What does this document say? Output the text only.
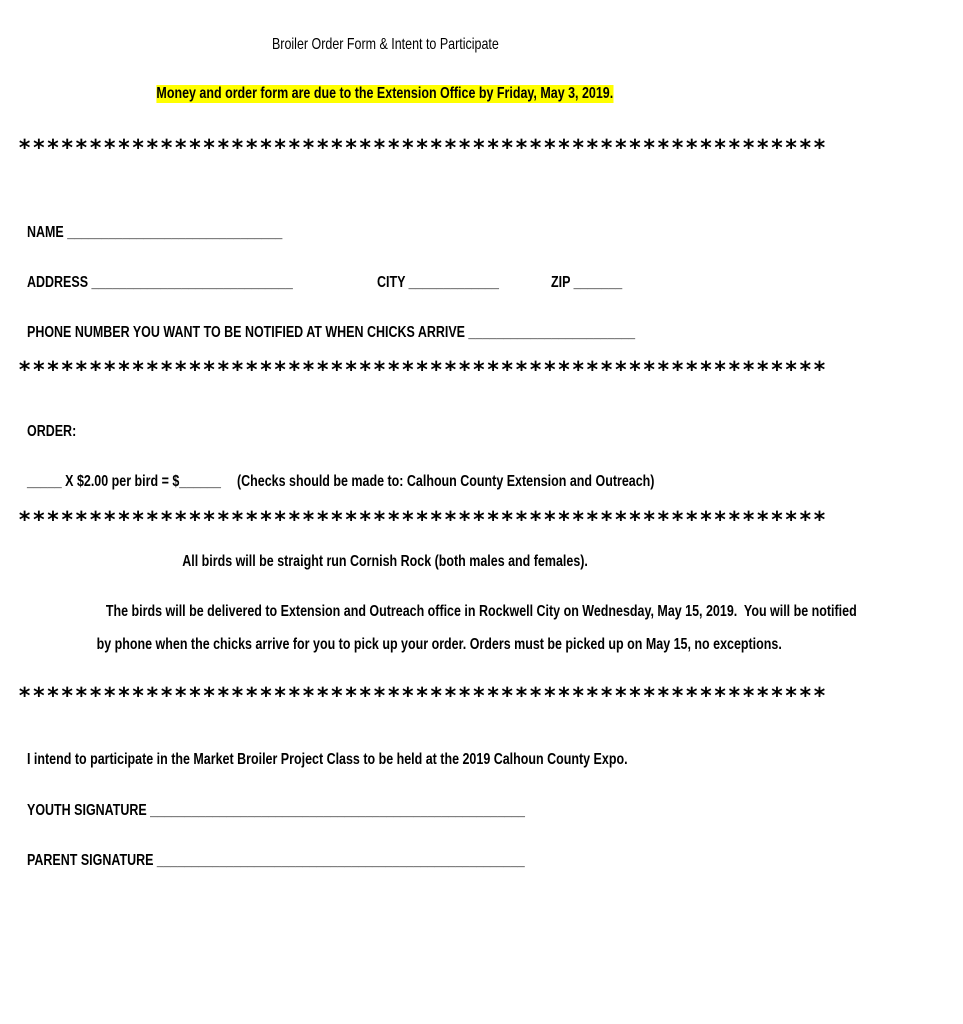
Broiler Order Form & Intent to Participate
Money and order form are due to the Extension Office by Friday, May 3, 2019.
*********************************************************

NAME _______________________________

ADDRESS _____________________________	CITY _____________	ZIP _______

PHONE NUMBER YOU WANT TO BE NOTIFIED AT WHEN CHICKS ARRIVE ________________________

*********************************************************

ORDER:

_____ X $2.00 per bird = $______	(Checks should be made to: Calhoun County Extension and Outreach)

*********************************************************
All birds will be straight run Cornish Rock (both males and females).
The birds will be delivered to Extension and Outreach office in Rockwell City on Wednesday, May 15, 2019.  You will be notified
by phone when the chicks arrive for you to pick up your order. Orders must be picked up on May 15, no exceptions.
*********************************************************

I intend to participate in the Market Broiler Project Class to be held at the 2019 Calhoun County Expo.

YOUTH SIGNATURE ______________________________________________________

PARENT SIGNATURE _____________________________________________________
